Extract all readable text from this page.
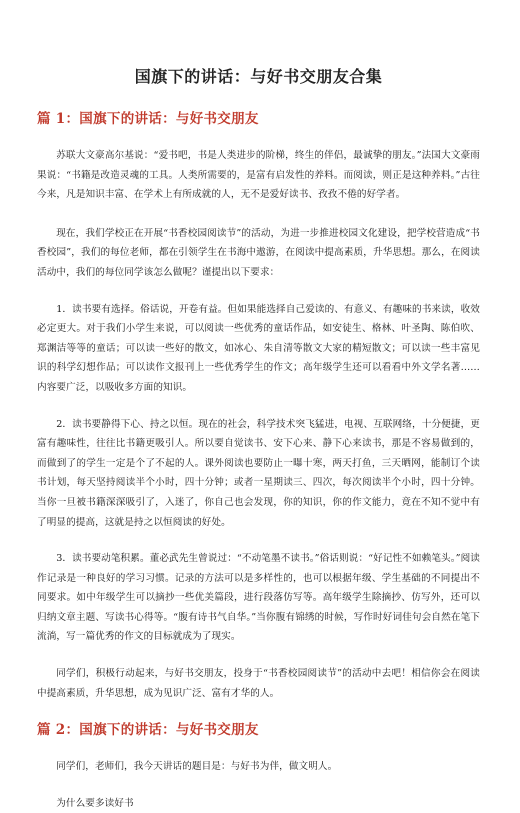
国旗下的讲话：与好书交朋友合集
篇 1：国旗下的讲话：与好书交朋友

苏联大文豪高尔基说：“爱书吧，书是人类进步的阶梯，终生的伴侣，最诚挚的朋友。”法国大文豪雨果说：“书籍是改造灵魂的工具。人类所需要的，是富有启发性的养料。而阅读，则正是这种养料。”古往今来，凡是知识丰富、在学术上有所成就的人，无不是爱好读书、孜孜不倦的好学者。

现在，我们学校正在开展“书香校园阅读节”的活动，为进一步推进校园文化建设，把学校营造成“书香校园”，我们的每位老师，都在引领学生在书海中遨游，在阅读中提高素质，升华思想。那么，在阅读活动中，我们的每位同学该怎么做呢？谨提出以下要求：

1．读书要有选择。俗话说，开卷有益。但如果能选择自己爱读的、有意义、有趣味的书来读，收效必定更大。对于我们小学生来说，可以阅读一些优秀的童话作品，如安徒生、格林、叶圣陶、陈伯吹、郑渊洁等等的童话；可以读一些好的散文，如冰心、朱自清等散文大家的精短散文；可以读一些丰富见识的科学幻想作品；可以读作文报刊上一些优秀学生的作文；高年级学生还可以看看中外文学名著……内容要广泛，以吸收多方面的知识。

2．读书要静得下心、持之以恒。现在的社会，科学技术突飞猛进，电视、互联网络，十分便捷，更富有趣味性，往往比书籍更吸引人。所以要自觉读书、安下心来、静下心来读书，那是不容易做到的，而做到了的学生一定是个了不起的人。课外阅读也要防止一曝十寒，两天打鱼，三天晒网，能制订个读书计划，每天坚持阅读半个小时，四十分钟；或者一星期读三、四次，每次阅读半个小时，四十分钟。当你一旦被书籍深深吸引了，入迷了，你自己也会发现，你的知识，你的作文能力，竟在不知不觉中有了明显的提高，这就是持之以恒阅读的好处。

3．读书要动笔积累。董必武先生曾说过：“不动笔墨不读书。”俗话则说：“好记性不如赖笔头。”阅读作记录是一种良好的学习习惯。记录的方法可以是多样性的，也可以根据年级、学生基础的不同提出不同要求。如中年级学生可以摘抄一些优美篇段，进行段落仿写等。高年级学生除摘抄、仿写外，还可以归纳文章主题、写读书心得等。“腹有诗书气自华。”当你腹有锦绣的时候，写作时好词佳句会自然在笔下流淌，写一篇优秀的作文的目标就成为了现实。

同学们，积极行动起来，与好书交朋友，投身于“书香校园阅读节”的活动中去吧！相信你会在阅读中提高素质，升华思想，成为见识广泛、富有才华的人。

篇 2：国旗下的讲话：与好书交朋友

同学们，老师们，我今天讲话的题目是：与好书为伴，做文明人。

为什么要多读好书
